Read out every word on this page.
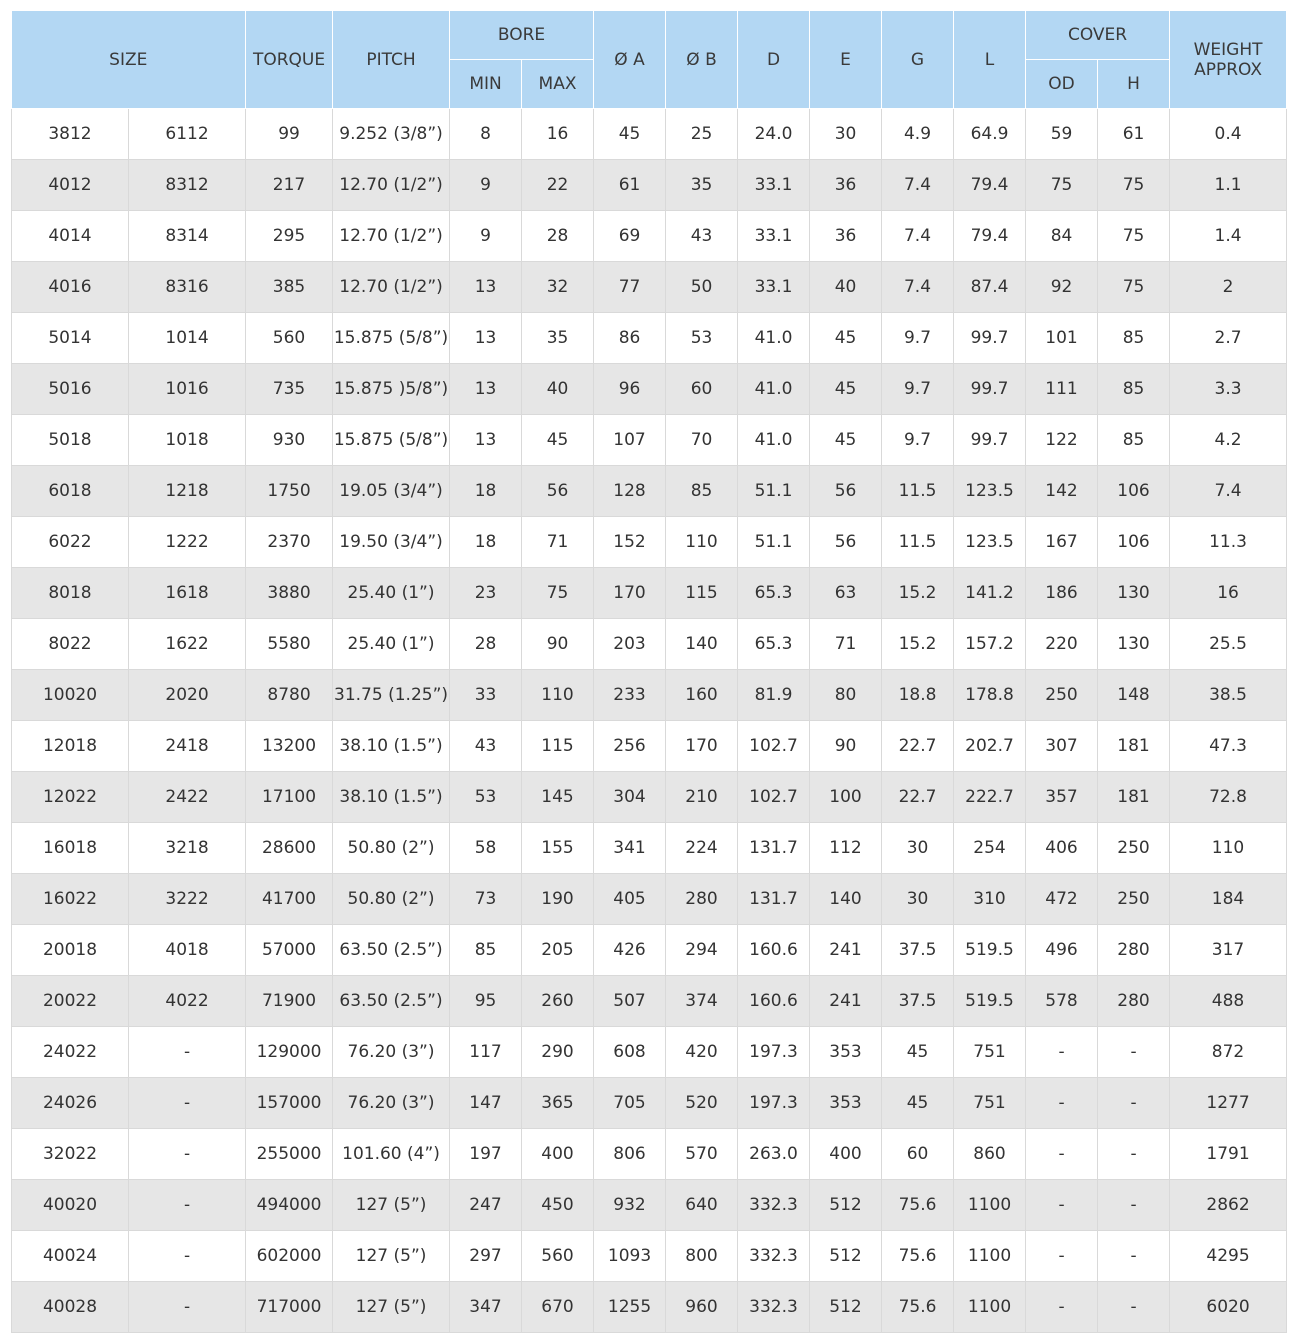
SIZE		TORQUE	PITCH	BORE		Ø A	Ø B	D	E	G	L	COVER		WEIGHT
APPROX

				MIN	MAX							OD	H	
3812	6112	99	9.252 (3/8”)	8	16	45	25	24.0	30	4.9	64.9	59	61	0.4
4012	8312	217	12.70 (1/2”)	9	22	61	35	33.1	36	7.4	79.4	75	75	1.1
4014	8314	295	12.70 (1/2”)	9	28	69	43	33.1	36	7.4	79.4	84	75	1.4
4016	8316	385	12.70 (1/2”)	13	32	77	50	33.1	40	7.4	87.4	92	75	2
5014	1014	560	15.875 (5/8”)	13	35	86	53	41.0	45	9.7	99.7	101	85	2.7
5016	1016	735	15.875 )5/8”)	13	40	96	60	41.0	45	9.7	99.7	111	85	3.3
5018	1018	930	15.875 (5/8”)	13	45	107	70	41.0	45	9.7	99.7	122	85	4.2
6018	1218	1750	19.05 (3/4”)	18	56	128	85	51.1	56	11.5	123.5	142	106	7.4
6022	1222	2370	19.50 (3/4”)	18	71	152	110	51.1	56	11.5	123.5	167	106	11.3
8018	1618	3880	25.40 (1”)	23	75	170	115	65.3	63	15.2	141.2	186	130	16
8022	1622	5580	25.40 (1”)	28	90	203	140	65.3	71	15.2	157.2	220	130	25.5
10020	2020	8780	31.75 (1.25”)	33	110	233	160	81.9	80	18.8	178.8	250	148	38.5
12018	2418	13200	38.10 (1.5”)	43	115	256	170	102.7	90	22.7	202.7	307	181	47.3
12022	2422	17100	38.10 (1.5”)	53	145	304	210	102.7	100	22.7	222.7	357	181	72.8
16018	3218	28600	50.80 (2”)	58	155	341	224	131.7	112	30	254	406	250	110
16022	3222	41700	50.80 (2”)	73	190	405	280	131.7	140	30	310	472	250	184
20018	4018	57000	63.50 (2.5”)	85	205	426	294	160.6	241	37.5	519.5	496	280	317
20022	4022	71900	63.50 (2.5”)	95	260	507	374	160.6	241	37.5	519.5	578	280	488
24022	-	129000	76.20 (3”)	117	290	608	420	197.3	353	45	751	-	-	872
24026	-	157000	76.20 (3”)	147	365	705	520	197.3	353	45	751	-	-	1277
32022	-	255000	101.60 (4”)	197	400	806	570	263.0	400	60	860	-	-	1791
40020	-	494000	127 (5”)	247	450	932	640	332.3	512	75.6	1100	-	-	2862
40024	-	602000	127 (5”)	297	560	1093	800	332.3	512	75.6	1100	-	-	4295
40028	-	717000	127 (5”)	347	670	1255	960	332.3	512	75.6	1100	-	-	6020
